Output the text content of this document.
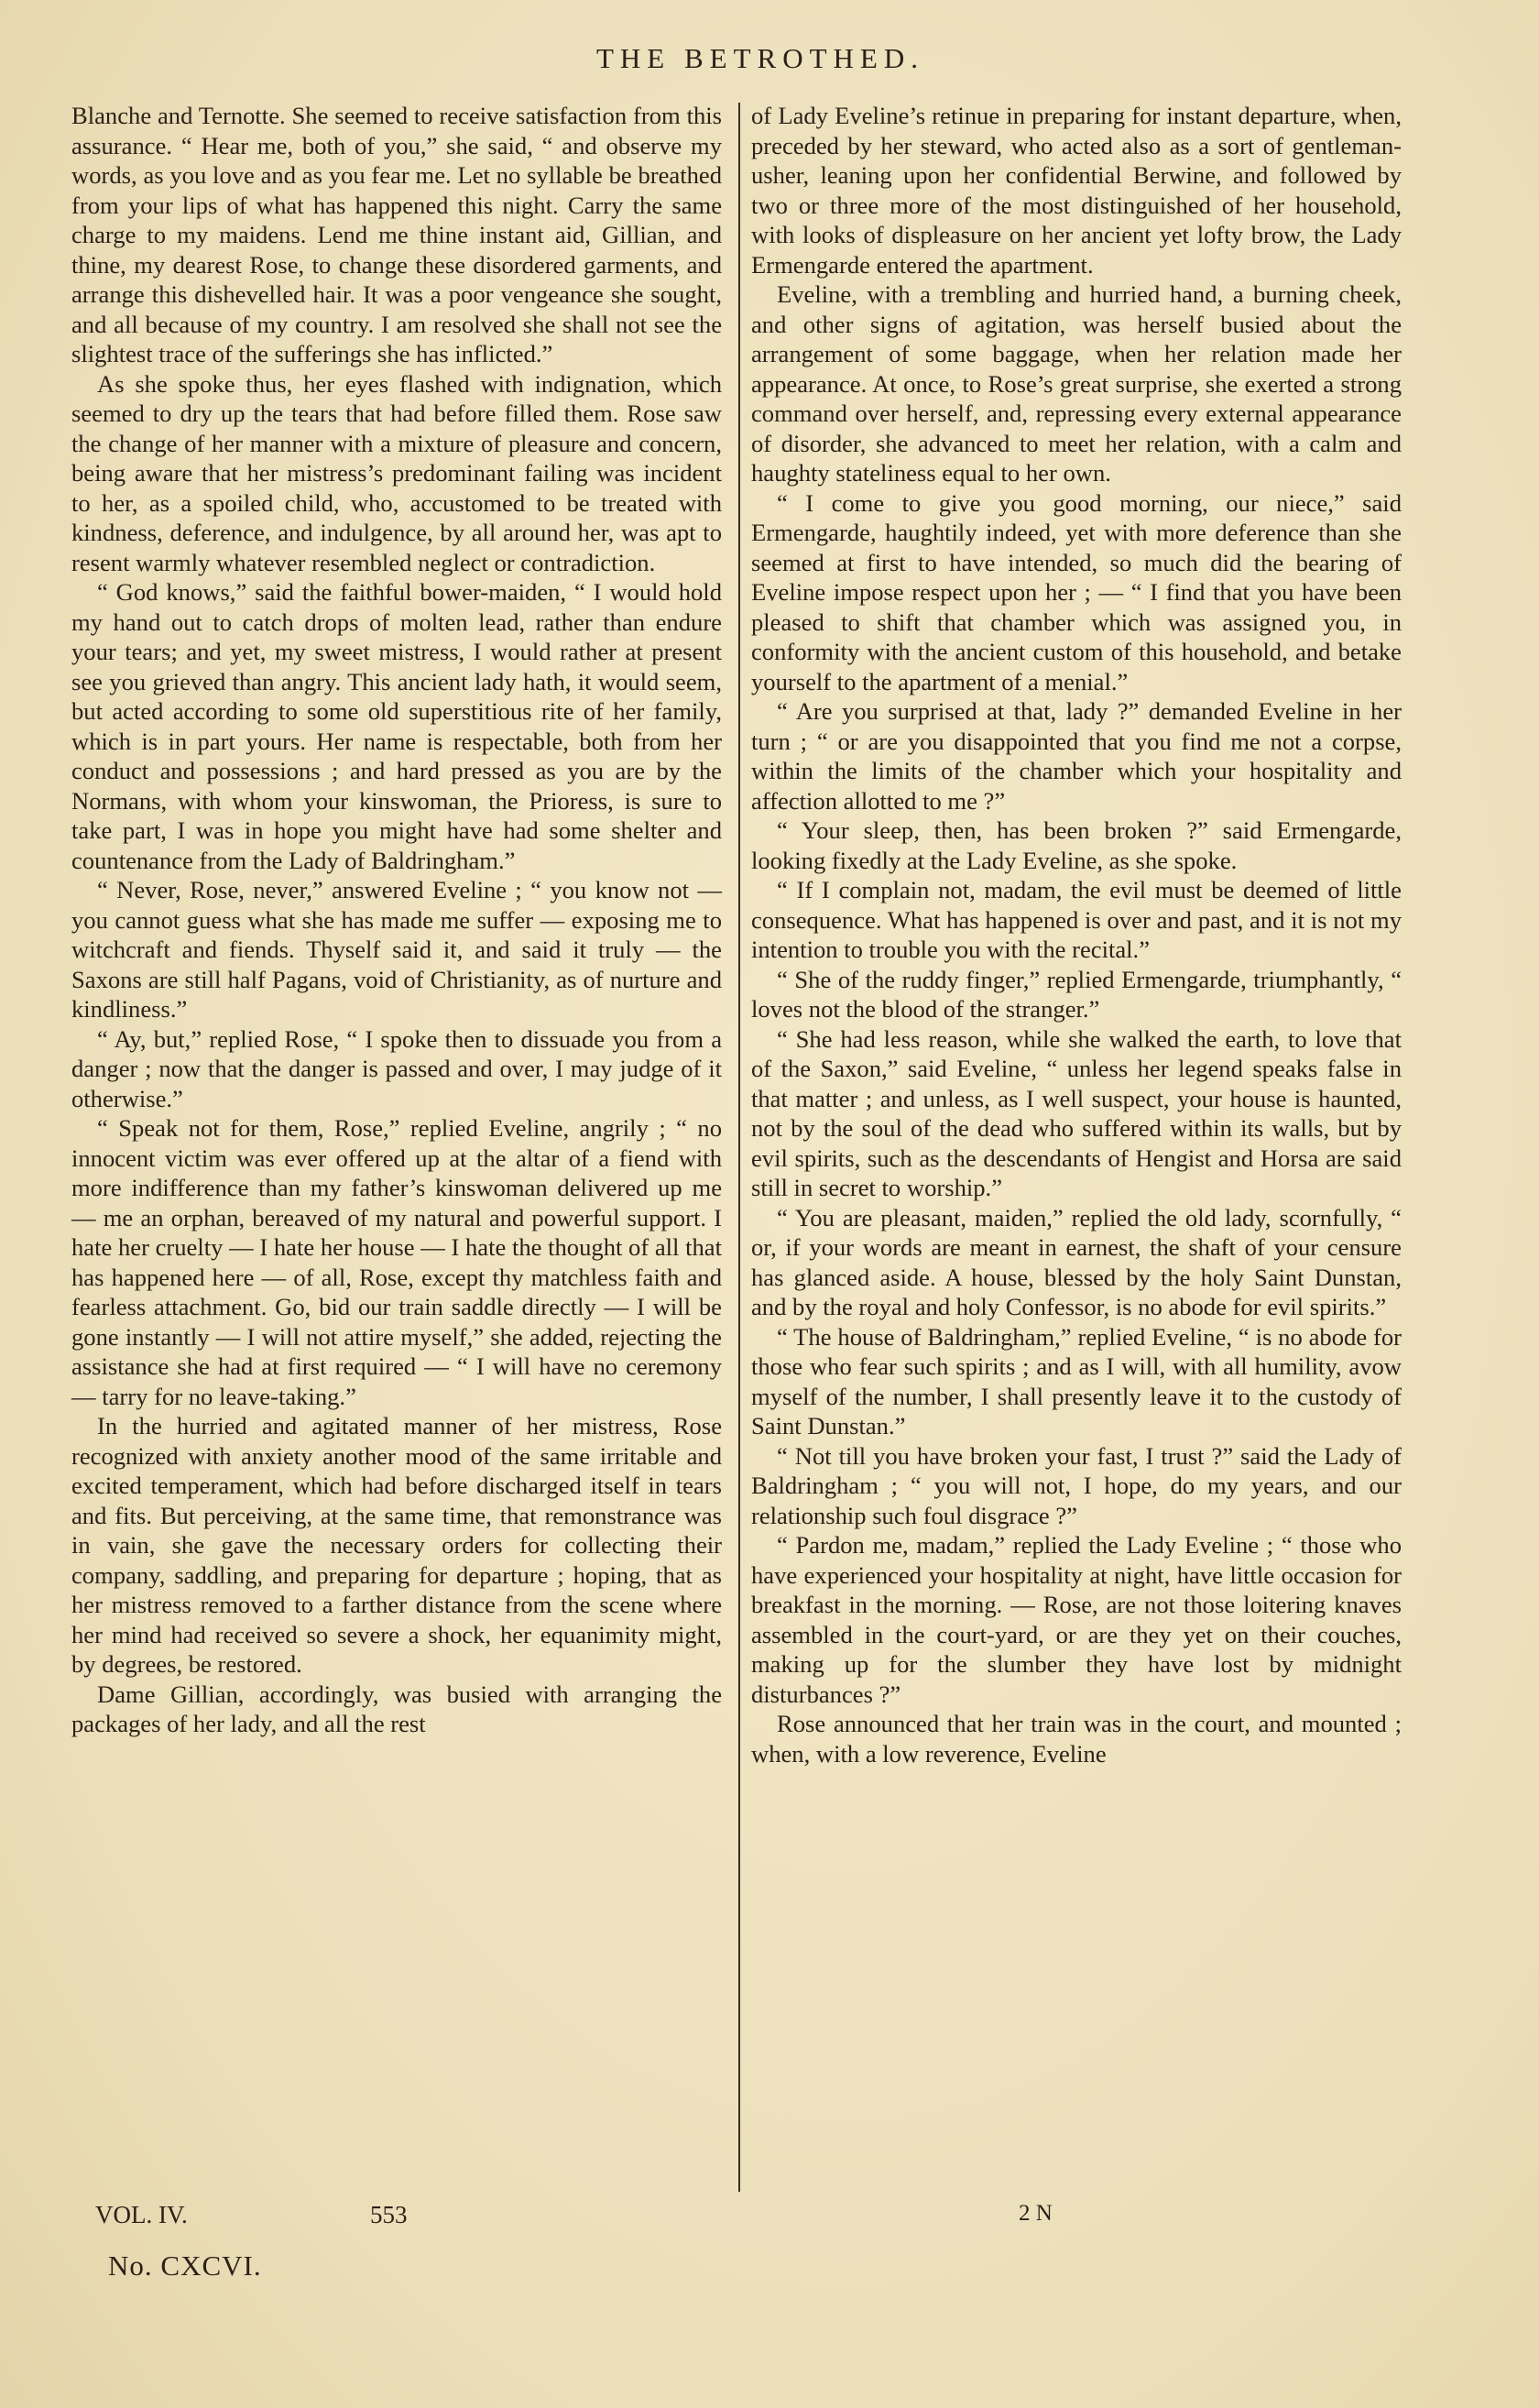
THE BETROTHED.

Blanche and Ternotte. She seemed to receive satisfaction from this assurance. “ Hear me, both of you,” she said, “ and observe my words, as you love and as you fear me. Let no syllable be breathed from your lips of what has happened this night. Carry the same charge to my maidens. Lend me thine instant aid, Gillian, and thine, my dearest Rose, to change these disordered garments, and arrange this dishevelled hair. It was a poor vengeance she sought, and all because of my country. I am resolved she shall not see the slightest trace of the sufferings she has inflicted.”

As she spoke thus, her eyes flashed with indignation, which seemed to dry up the tears that had before filled them. Rose saw the change of her manner with a mixture of pleasure and concern, being aware that her mistress’s predominant failing was incident to her, as a spoiled child, who, accustomed to be treated with kindness, deference, and indulgence, by all around her, was apt to resent warmly whatever resembled neglect or contradiction.

“ God knows,” said the faithful bower-maiden, “ I would hold my hand out to catch drops of molten lead, rather than endure your tears; and yet, my sweet mistress, I would rather at present see you grieved than angry. This ancient lady hath, it would seem, but acted according to some old superstitious rite of her family, which is in part yours. Her name is respectable, both from her conduct and possessions ; and hard pressed as you are by the Normans, with whom your kinswoman, the Prioress, is sure to take part, I was in hope you might have had some shelter and countenance from the Lady of Baldringham.”

“ Never, Rose, never,” answered Eveline ; “ you know not — you cannot guess what she has made me suffer — exposing me to witchcraft and fiends. Thyself said it, and said it truly — the Saxons are still half Pagans, void of Christianity, as of nurture and kindliness.”

“ Ay, but,” replied Rose, “ I spoke then to dissuade you from a danger ; now that the danger is passed and over, I may judge of it otherwise.”

“ Speak not for them, Rose,” replied Eveline, angrily ; “ no innocent victim was ever offered up at the altar of a fiend with more indifference than my father’s kinswoman delivered up me — me an orphan, bereaved of my natural and powerful support. I hate her cruelty — I hate her house — I hate the thought of all that has happened here — of all, Rose, except thy matchless faith and fearless attachment. Go, bid our train saddle directly — I will be gone instantly — I will not attire myself,” she added, rejecting the assistance she had at first required — “ I will have no ceremony — tarry for no leave-taking.”

In the hurried and agitated manner of her mistress, Rose recognized with anxiety another mood of the same irritable and excited temperament, which had before discharged itself in tears and fits. But perceiving, at the same time, that remonstrance was in vain, she gave the necessary orders for collecting their company, saddling, and preparing for departure ; hoping, that as her mistress removed to a farther distance from the scene where her mind had received so severe a shock, her equanimity might, by degrees, be restored.

Dame Gillian, accordingly, was busied with arranging the packages of her lady, and all the rest

of Lady Eveline’s retinue in preparing for instant departure, when, preceded by her steward, who acted also as a sort of gentleman-usher, leaning upon her confidential Berwine, and followed by two or three more of the most distinguished of her household, with looks of displeasure on her ancient yet lofty brow, the Lady Ermengarde entered the apartment.

Eveline, with a trembling and hurried hand, a burning cheek, and other signs of agitation, was herself busied about the arrangement of some baggage, when her relation made her appearance. At once, to Rose’s great surprise, she exerted a strong command over herself, and, repressing every external appearance of disorder, she advanced to meet her relation, with a calm and haughty stateliness equal to her own.

“ I come to give you good morning, our niece,” said Ermengarde, haughtily indeed, yet with more deference than she seemed at first to have intended, so much did the bearing of Eveline impose respect upon her ; — “ I find that you have been pleased to shift that chamber which was assigned you, in conformity with the ancient custom of this household, and betake yourself to the apartment of a menial.”

“ Are you surprised at that, lady ?” demanded Eveline in her turn ; “ or are you disappointed that you find me not a corpse, within the limits of the chamber which your hospitality and affection allotted to me ?”

“ Your sleep, then, has been broken ?” said Ermengarde, looking fixedly at the Lady Eveline, as she spoke.

“ If I complain not, madam, the evil must be deemed of little consequence. What has happened is over and past, and it is not my intention to trouble you with the recital.”

“ She of the ruddy finger,” replied Ermengarde, triumphantly, “ loves not the blood of the stranger.”

“ She had less reason, while she walked the earth, to love that of the Saxon,” said Eveline, “ unless her legend speaks false in that matter ; and unless, as I well suspect, your house is haunted, not by the soul of the dead who suffered within its walls, but by evil spirits, such as the descendants of Hengist and Horsa are said still in secret to worship.”

“ You are pleasant, maiden,” replied the old lady, scornfully, “ or, if your words are meant in earnest, the shaft of your censure has glanced aside. A house, blessed by the holy Saint Dunstan, and by the royal and holy Confessor, is no abode for evil spirits.”

“ The house of Baldringham,” replied Eveline, “ is no abode for those who fear such spirits ; and as I will, with all humility, avow myself of the number, I shall presently leave it to the custody of Saint Dunstan.”

“ Not till you have broken your fast, I trust ?” said the Lady of Baldringham ; “ you will not, I hope, do my years, and our relationship such foul disgrace ?”

“ Pardon me, madam,” replied the Lady Eveline ; “ those who have experienced your hospitality at night, have little occasion for breakfast in the morning. — Rose, are not those loitering knaves assembled in the court-yard, or are they yet on their couches, making up for the slumber they have lost by midnight disturbances ?”

Rose announced that her train was in the court, and mounted ; when, with a low reverence, Eveline

VOL. IV.	553	2 N
No. CXCVI.
